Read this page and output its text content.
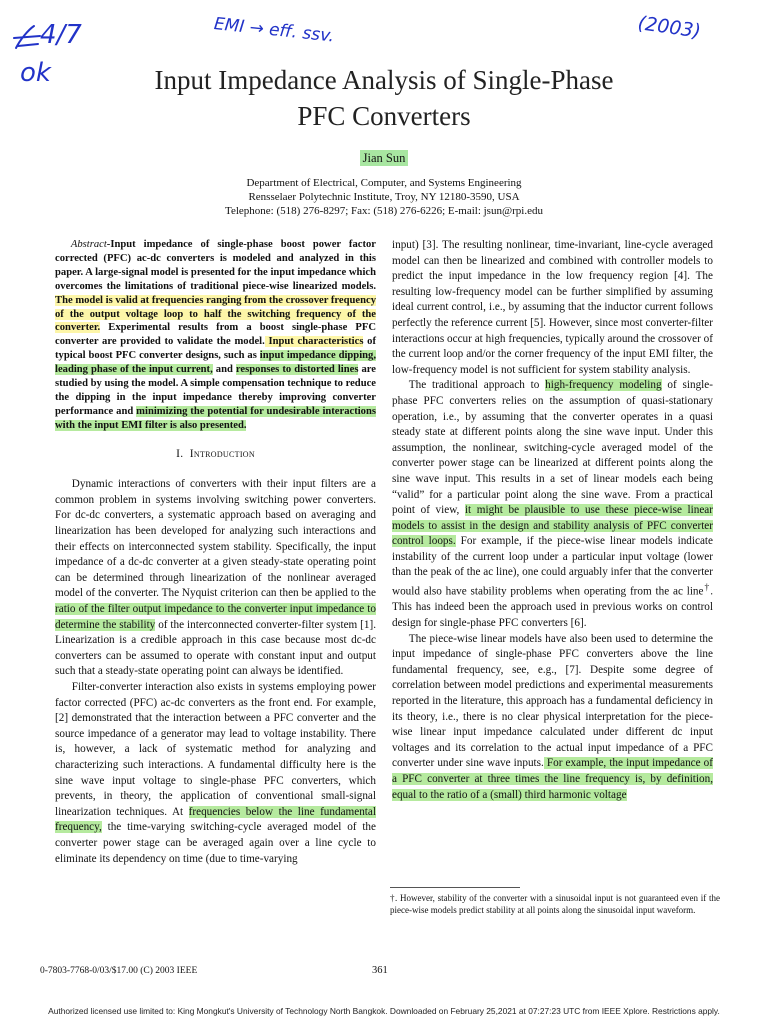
4/7
ok
EMI → eff. ssv.	(2003)
Input Impedance Analysis of Single-Phase
PFC Converters
Jian Sun
Department of Electrical, Computer, and Systems Engineering
Rensselaer Polytechnic Institute, Troy, NY 12180-3590, USA
Telephone: (518) 276-8297; Fax: (518) 276-6226; E-mail: jsun@rpi.edu

Abstract-Input impedance of single-phase boost power factor corrected (PFC) ac-dc converters is modeled and analyzed in this paper. A large-signal model is presented for the input impedance which overcomes the limitations of traditional piece-wise linearized models. The model is valid at frequencies ranging from the crossover frequency of the output voltage loop to half the switching frequency of the converter. Experimental results from a boost single-phase PFC converter are provided to validate the model. Input characteristics of typical boost PFC converter designs, such as input impedance dipping, leading phase of the input current, and responses to distorted lines are studied by using the model. A simple compensation technique to reduce the dipping in the input impedance thereby improving converter performance and minimizing the potential for undesirable interactions with the input EMI filter is also presented.

I. Introduction

Dynamic interactions of converters with their input filters are a common problem in systems involving switching power converters. For dc-dc converters, a systematic approach based on averaging and linearization has been developed for analyzing such interactions and their effects on interconnected system stability. Specifically, the input impedance of a dc-dc converter at a given steady-state operating point can be determined through linearization of the nonlinear averaged model of the converter. The Nyquist criterion can then be applied to the ratio of the filter output impedance to the converter input impedance to determine the stability of the interconnected converter-filter system [1]. Linearization is a credible approach in this case because most dc-dc converters can be assumed to operate with constant input and output such that a steady-state operating point can always be identified.

Filter-converter interaction also exists in systems employing power factor corrected (PFC) ac-dc converters as the front end. For example, [2] demonstrated that the interaction between a PFC converter and the source impedance of a generator may lead to voltage instability. There is, however, a lack of systematic method for analyzing and characterizing such interactions. A fundamental difficulty here is the sine wave input voltage to single-phase PFC converters, which prevents, in theory, the application of conventional small-signal linearization techniques. At frequencies below the line fundamental frequency, the time-varying switching-cycle averaged model of the converter power stage can be averaged again over a line cycle to eliminate its dependency on time (due to time-varying

input) [3]. The resulting nonlinear, time-invariant, line-cycle averaged model can then be linearized and combined with controller models to predict the input impedance in the low frequency region [4]. The resulting low-frequency model can be further simplified by assuming ideal current control, i.e., by assuming that the inductor current follows perfectly the reference current [5]. However, since most converter-filter interactions occur at high frequencies, typically around the crossover of the current loop and/or the corner frequency of the input EMI filter, the low-frequency model is not sufficient for system stability analysis.

The traditional approach to high-frequency modeling of single-phase PFC converters relies on the assumption of quasi-stationary operation, i.e., by assuming that the converter operates in a quasi steady state at different points along the sine wave input. Under this assumption, the nonlinear, switching-cycle averaged model of the converter power stage can be linearized at different points along the sine wave input. This results in a set of linear models each being “valid” for a particular point along the sine wave. From a practical point of view, it might be plausible to use these piece-wise linear models to assist in the design and stability analysis of PFC converter control loops. For example, if the piece-wise linear models indicate instability of the current loop under a particular input voltage (lower than the peak of the ac line), one could arguably infer that the converter would also have stability problems when operating from the ac line†. This has indeed been the approach used in previous works on control design for single-phase PFC converters [6].

The piece-wise linear models have also been used to determine the input impedance of single-phase PFC converters above the line fundamental frequency, see, e.g., [7]. Despite some degree of correlation between model predictions and experimental measurements reported in the literature, this approach has a fundamental deficiency in its theory, i.e., there is no clear physical interpretation for the piece-wise linear input impedance calculated under different dc input voltages and its correlation to the actual input impedance of a PFC converter under sine wave inputs. For example, the input impedance of a PFC converter at three times the line frequency is, by definition, equal to the ratio of a (small) third harmonic voltage

†. However, stability of the converter with a sinusoidal input is not guaranteed even if the piece-wise models predict stability at all points along the sinusoidal input waveform.
0-7803-7768-0/03/$17.00 (C) 2003 IEEE	361
Authorized licensed use limited to: King Mongkut's University of Technology North Bangkok. Downloaded on February 25,2021 at 07:27:23 UTC from IEEE Xplore. Restrictions apply.
